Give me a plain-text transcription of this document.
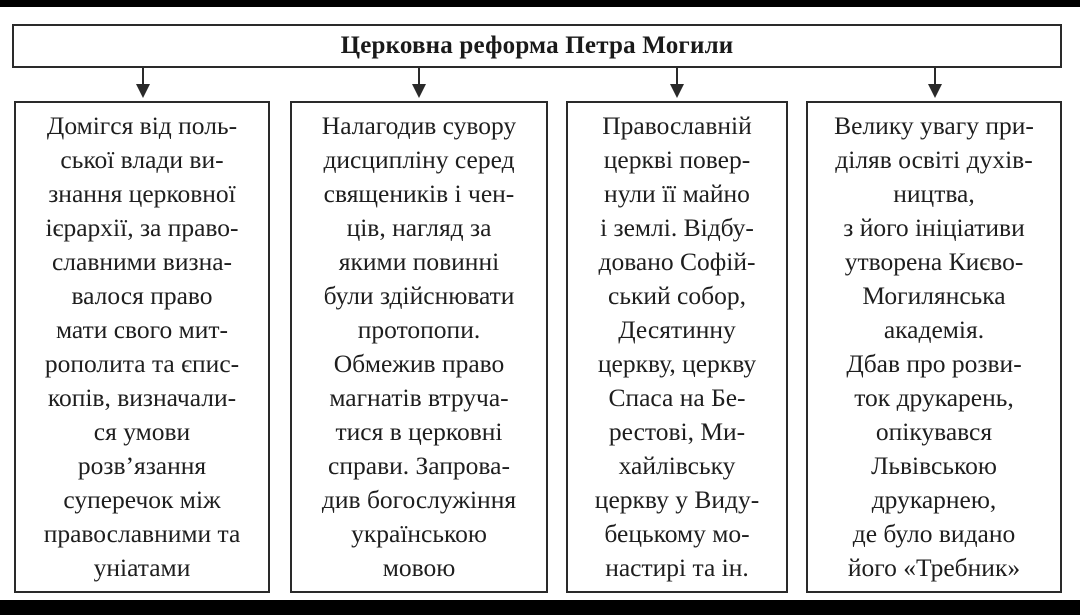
Церковна реформа Петра Могили
Домігся від поль-
ської влади ви-
знання церковної
ієрархії, за право-
славними визна-
валося право
мати свого мит-
рополита та єпис-
копів, визначали-
ся умови
розв’язання
суперечок між
православними та
уніатами
Налагодив сувору
дисципліну серед
священиків і чен-
ців, нагляд за
якими повинні
були здійснювати
протопопи.
Обмежив право
магнатів втруча-
тися в церковні
справи. Запрова-
див богослужіння
українською
мовою
Православній
церкві повер-
нули її майно
і землі. Відбу-
довано Софій-
ський собор,
Десятинну
церкву, церкву
Спаса на Бе-
рестові, Ми-
хайлівську
церкву у Виду-
бецькому мо-
настирі та ін.
Велику увагу при-
діляв освіті духів-
ництва,
з його ініціативи
утворена Києво-
Могилянська
академія.
Дбав про розви-
ток друкарень,
опікувався
Львівською
друкарнею,
де було видано
його «Требник»
